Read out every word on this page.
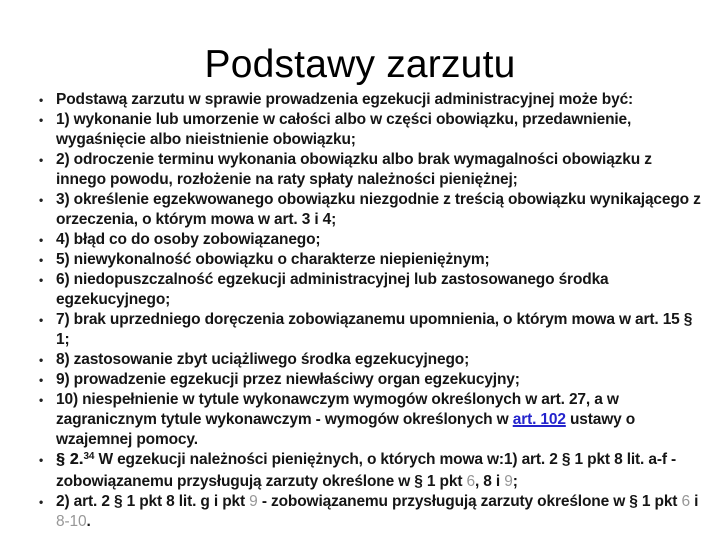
Podstawy zarzutu
• Podstawą zarzutu w sprawie prowadzenia egzekucji administracyjnej może być:
• 1) wykonanie lub umorzenie w całości albo w części obowiązku, przedawnienie, wygaśnięcie albo nieistnienie obowiązku;
• 2) odroczenie terminu wykonania obowiązku albo brak wymagalności obowiązku z innego powodu, rozłożenie na raty spłaty należności pieniężnej;
• 3) określenie egzekwowanego obowiązku niezgodnie z treścią obowiązku wynikającego z orzeczenia, o którym mowa w art. 3 i 4;
• 4) błąd co do osoby zobowiązanego;
• 5) niewykonalność obowiązku o charakterze niepieniężnym;
• 6) niedopuszczalność egzekucji administracyjnej lub zastosowanego środka egzekucyjnego;
• 7) brak uprzedniego doręczenia zobowiązanemu upomnienia, o którym mowa w art. 15 § 1;
• 8) zastosowanie zbyt uciążliwego środka egzekucyjnego;
• 9) prowadzenie egzekucji przez niewłaściwy organ egzekucyjny;
• 10) niespełnienie w tytule wykonawczym wymogów określonych w art. 27, a w zagranicznym tytule wykonawczym - wymogów określonych w art. 102 ustawy o wzajemnej pomocy.
• § 2.34 W egzekucji należności pieniężnych, o których mowa w:1) art. 2 § 1 pkt 8 lit. a-f - zobowiązanemu przysługują zarzuty określone w § 1 pkt 6, 8 i 9;
• 2) art. 2 § 1 pkt 8 lit. g i pkt 9 - zobowiązanemu przysługują zarzuty określone w § 1 pkt 6 i 8-10.
